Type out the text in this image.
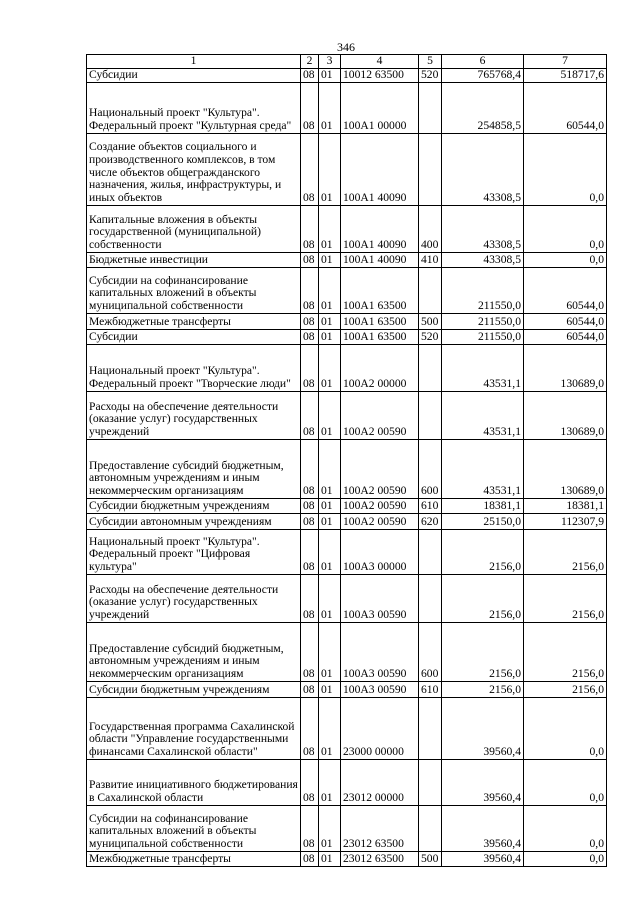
346
1	2	3	4	5	6	7
Субсидии	08	01	10012 63500	520	765768,4	518717,6
Национальный проект "Культура". Федеральный проект "Культурная среда"	08	01	100А1 00000		254858,5	60544,0
Создание объектов социального и производственного комплексов, в том числе объектов общегражданского назначения, жилья, инфраструктуры, и иных объектов	08	01	100А1 40090		43308,5	0,0
Капитальные вложения в объекты государственной (муниципальной) собственности	08	01	100А1 40090	400	43308,5	0,0
Бюджетные инвестиции	08	01	100А1 40090	410	43308,5	0,0
Субсидии на софинансирование капитальных вложений в объекты муниципальной собственности	08	01	100А1 63500		211550,0	60544,0
Межбюджетные трансферты	08	01	100А1 63500	500	211550,0	60544,0
Субсидии	08	01	100А1 63500	520	211550,0	60544,0
Национальный проект "Культура". Федеральный проект "Творческие люди"	08	01	100А2 00000		43531,1	130689,0
Расходы на обеспечение деятельности (оказание услуг) государственных учреждений	08	01	100А2 00590		43531,1	130689,0
Предоставление субсидий бюджетным, автономным учреждениям и иным некоммерческим организациям	08	01	100А2 00590	600	43531,1	130689,0
Субсидии бюджетным учреждениям	08	01	100А2 00590	610	18381,1	18381,1
Субсидии автономным учреждениям	08	01	100А2 00590	620	25150,0	112307,9
Национальный проект "Культура". Федеральный проект "Цифровая культура"	08	01	100А3 00000		2156,0	2156,0
Расходы на обеспечение деятельности (оказание услуг) государственных учреждений	08	01	100А3 00590		2156,0	2156,0
Предоставление субсидий бюджетным, автономным учреждениям и иным некоммерческим организациям	08	01	100А3 00590	600	2156,0	2156,0
Субсидии бюджетным учреждениям	08	01	100А3 00590	610	2156,0	2156,0
Государственная программа Сахалинской области "Управление государственными финансами Сахалинской области"	08	01	23000 00000		39560,4	0,0
Развитие инициативного бюджетирования в Сахалинской области	08	01	23012 00000		39560,4	0,0
Субсидии на софинансирование капитальных вложений в объекты муниципальной собственности	08	01	23012 63500		39560,4	0,0
Межбюджетные трансферты	08	01	23012 63500	500	39560,4	0,0
